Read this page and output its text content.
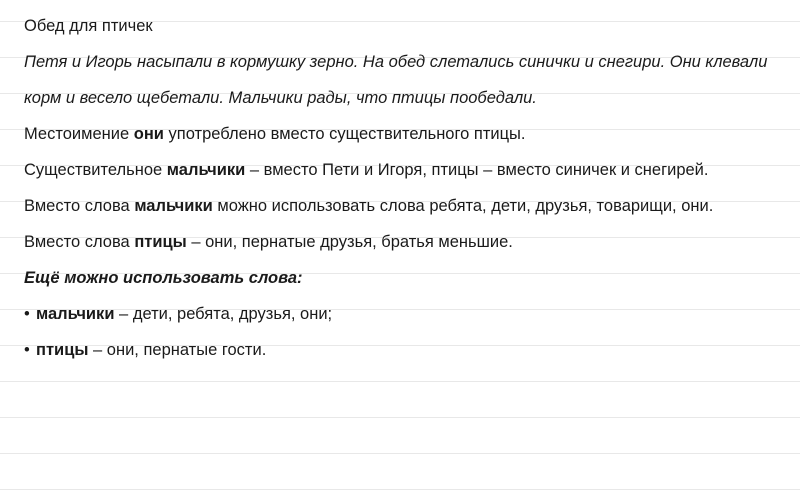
Обед для птичек

Петя и Игорь насыпали в кормушку зерно. На обед слетались синички и снегири. Они клевали корм и весело щебетали. Мальчики рады, что птицы пообедали.

Местоимение они употреблено вместо существительного птицы.

Существительное мальчики – вместо Пети и Игоря, птицы – вместо синичек и снегирей. Вместо слова мальчики можно использовать слова ребята, дети, друзья, товарищи, они. Вместо слова птицы – они, пернатые друзья, братья меньшие.

Ещё можно использовать слова:
• мальчики – дети, ребята, друзья, они;
• птицы – они, пернатые гости.
